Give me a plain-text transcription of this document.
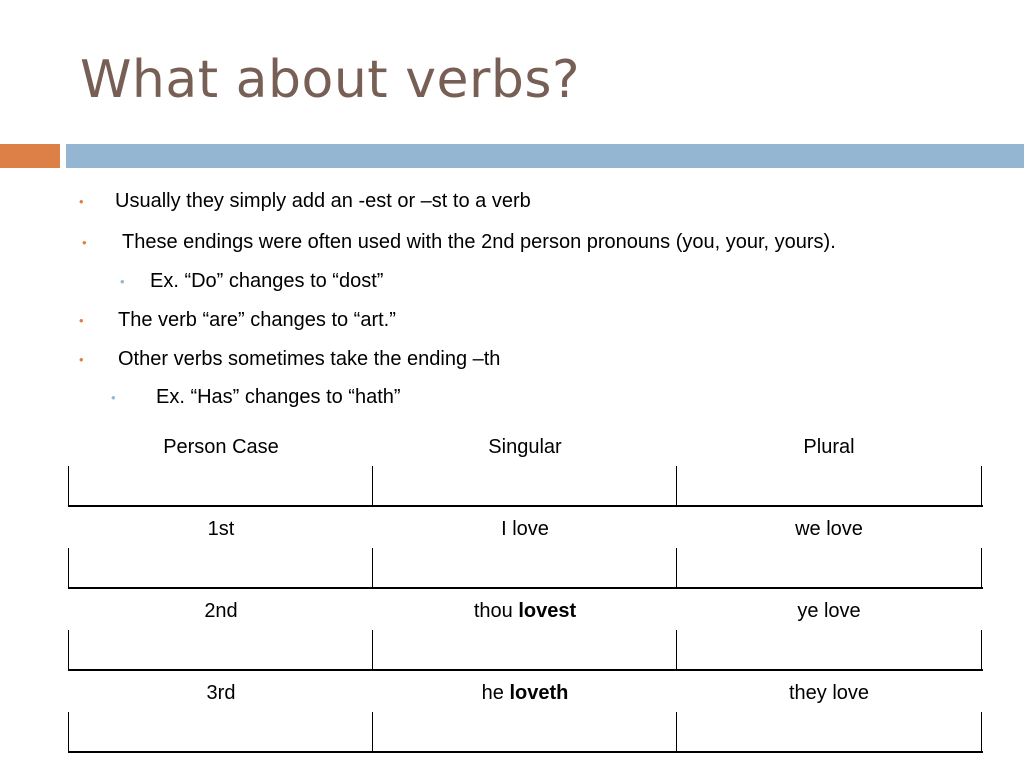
What about verbs?
• Usually they simply add an -est or –st to a verb
• These endings were often used with the 2nd person pronouns (you, your, yours).
• Ex. “Do” changes to “dost”
• The verb “are” changes to “art.”
• Other verbs sometimes take the ending –th
• Ex. “Has” changes to “hath”
Person Case	Singular	Plural
1st	I love	we love
2nd	thou lovest	ye love
3rd	he loveth	they love
